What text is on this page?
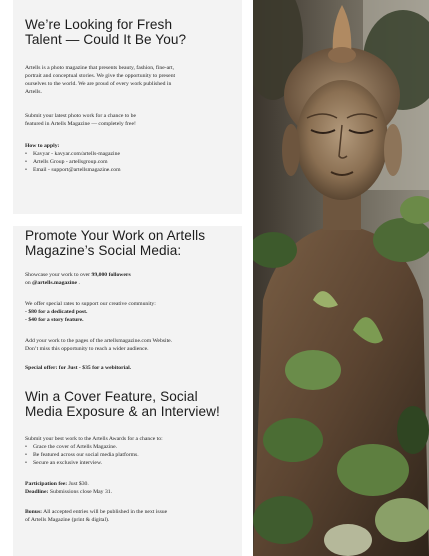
We’re Looking for Fresh
Talent — Could It Be You?

Artells is a photo magazine that presents beauty, fashion, fine-art,
portrait and conceptual stories. We give the opportunity to present
ourselves to the world. We are proud of every work published in
Artells.

Submit your latest photo work for a chance to be
featured in Artells Magazine — completely free!

How to apply:

• Kavyar - kavyar.com/artells-magazine
• Artells Group - artellsgroup.com
• Email - support@artellsmagazine.com
Promote Your Work on Artells
Magazine’s Social Media:

Showcase your work to over 99,000 followers
on @artells.magazine .

We offer special rates to support our creative community:
- $80 for a dedicated post.
- $40 for a story feature.

Add your work to the pages of the artellsmagazine.com Website.
Don’t miss this opportunity to reach a wider audience.

Special offer: for Just - $35 for a webitorial.

Win a Cover Feature, Social
Media Exposure & an Interview!

Submit your best work to the Artells Awards for a chance to:

• Grace the cover of Artells Magazine.
• Be featured across our social media platforms.
• Secure an exclusive interview.

Participation fee: Just $30.
Deadline: Submissions close May 31.

Bonus: All accepted entries will be published in the next issue
of Artells Magazine (print & digital).
